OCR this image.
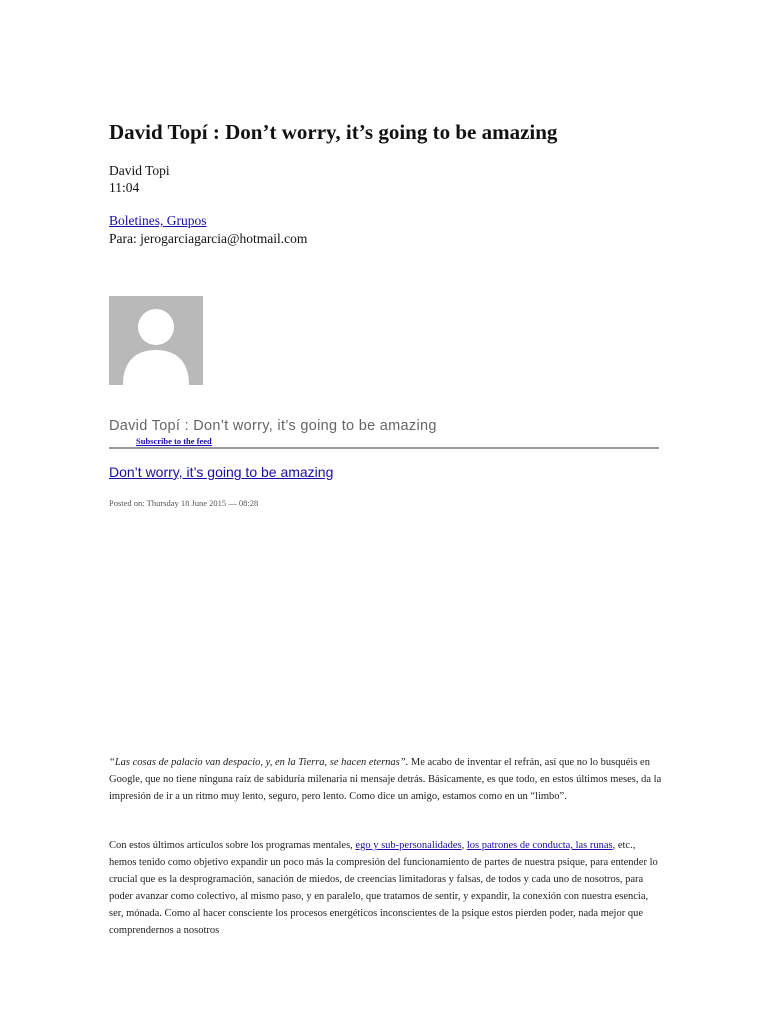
David Topí : Don’t worry, it’s going to be amazing
David Topi
11:04
Boletines, Grupos
Para: jerogarciagarcia@hotmail.com
David Topí : Don’t worry, it’s going to be amazing
Subscribe to the feed
Don’t worry, it’s going to be amazing
Posted on: Thursday 18 June 2015 — 08:28

“Las cosas de palacio van despacio, y, en la Tierra, se hacen eternas”. Me acabo de inventar el refrán, así que no lo busquéis en Google, que no tiene ninguna raíz de sabiduría milenaria ni mensaje detrás. Básicamente, es que todo, en estos últimos meses, da la impresión de ir a un ritmo muy lento, seguro, pero lento. Como dice un amigo, estamos como en un “limbo”.

Con estos últimos artículos sobre los programas mentales, ego y sub-personalidades, los patrones de conducta, las runas, etc., hemos tenido como objetivo expandir un poco más la compresión del funcionamiento de partes de nuestra psique, para entender lo crucial que es la desprogramación, sanación de miedos, de creencias limitadoras y falsas, de todos y cada uno de nosotros, para poder avanzar como colectivo, al mismo paso, y en paralelo, que tratamos de sentir, y expandir, la conexión con nuestra esencia, ser, mónada. Como al hacer consciente los procesos energéticos inconscientes de la psique estos pierden poder, nada mejor que comprendernos a nosotros
